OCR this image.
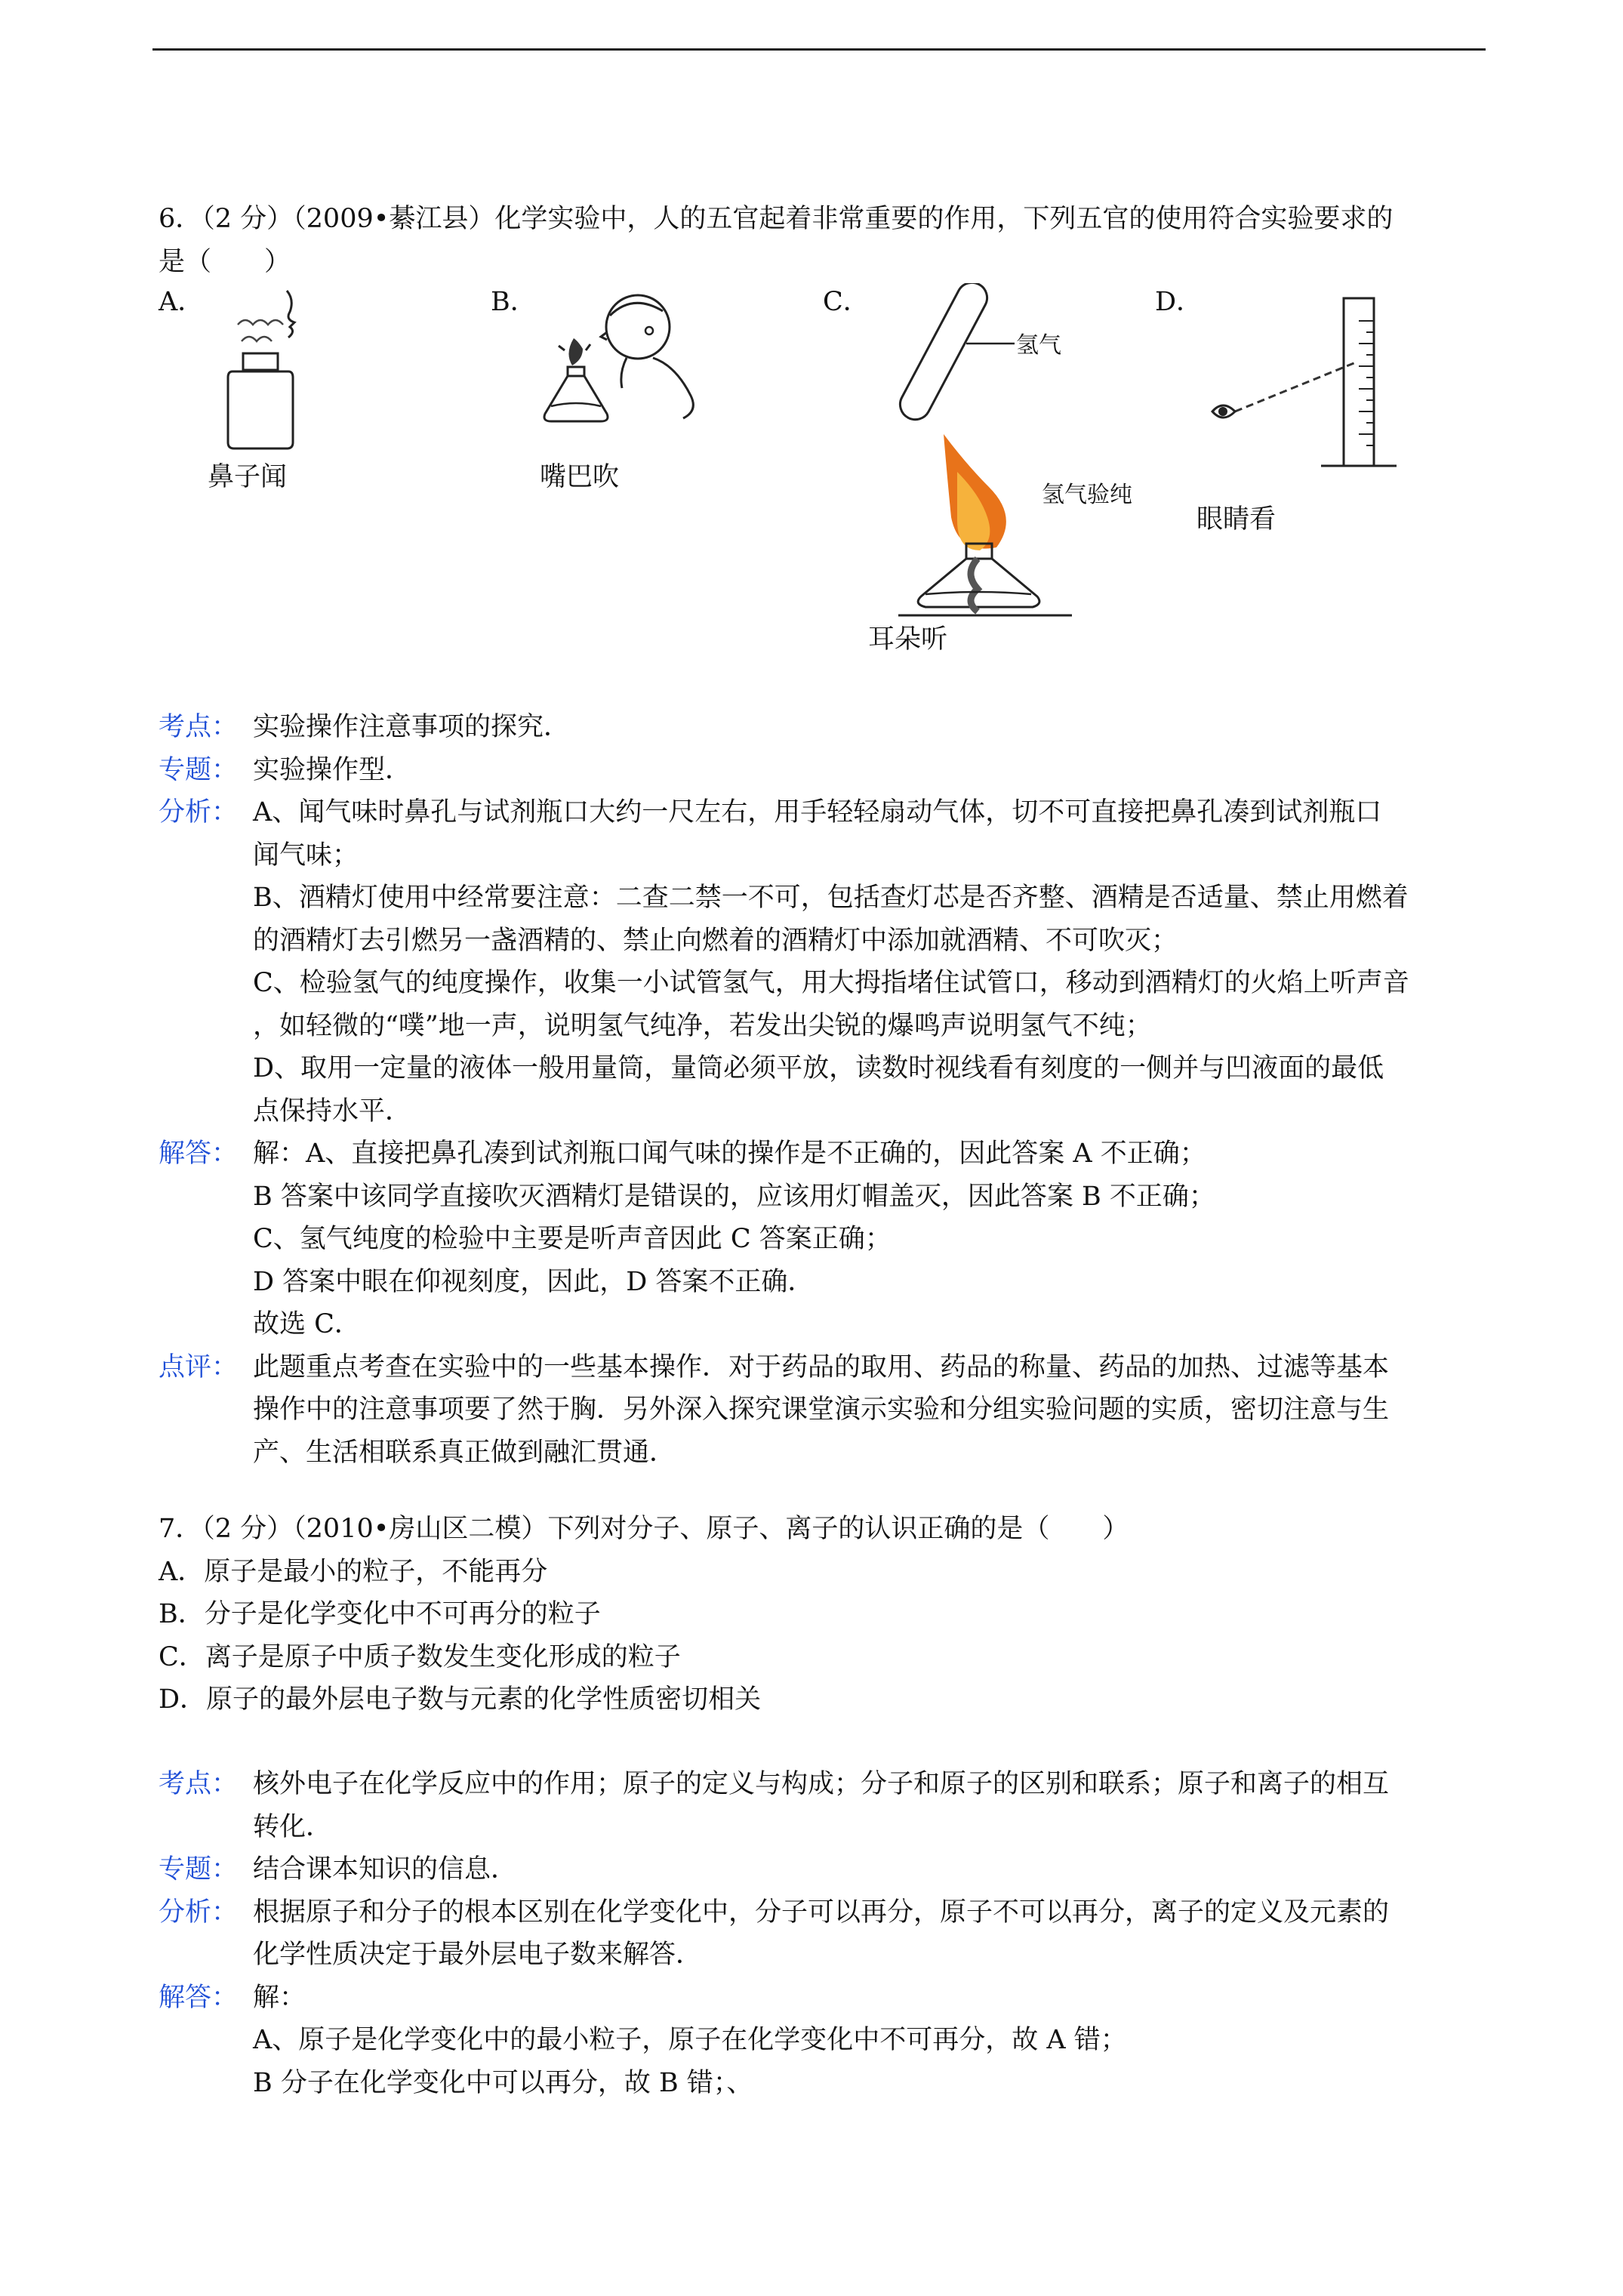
6．（2 分）（2009•綦江县）化学实验中，人的五官起着非常重要的作用，下列五官的使用符合实验要求的

是（　　）

A．
鼻子闻
B．
嘴巴吹
C．
氢气
氢气验纯
耳朵听
D．
眼睛看
考点： 实验操作注意事项的探究．

专题： 实验操作型．

分析： A、闻气味时鼻孔与试剂瓶口大约一尺左右，用手轻轻扇动气体，切不可直接把鼻孔凑到试剂瓶口

闻气味；

B、酒精灯使用中经常要注意：二查二禁一不可，包括查灯芯是否齐整、酒精是否适量、禁止用燃着

的酒精灯去引燃另一盏酒精的、禁止向燃着的酒精灯中添加就酒精、不可吹灭；

C、检验氢气的纯度操作，收集一小试管氢气，用大拇指堵住试管口，移动到酒精灯的火焰上听声音

，如轻微的“噗”地一声，说明氢气纯净，若发出尖锐的爆鸣声说明氢气不纯；

D、取用一定量的液体一般用量筒，量筒必须平放，读数时视线看有刻度的一侧并与凹液面的最低

点保持水平．

解答： 解：A、直接把鼻孔凑到试剂瓶口闻气味的操作是不正确的，因此答案 A 不正确；

B 答案中该同学直接吹灭酒精灯是错误的，应该用灯帽盖灭，因此答案 B 不正确；

C、氢气纯度的检验中主要是听声音因此 C 答案正确；

D 答案中眼在仰视刻度，因此，D 答案不正确．

故选 C．

点评： 此题重点考查在实验中的一些基本操作．对于药品的取用、药品的称量、药品的加热、过滤等基本

操作中的注意事项要了然于胸．另外深入探究课堂演示实验和分组实验问题的实质，密切注意与生

产、生活相联系真正做到融汇贯通．

7．（2 分）（2010•房山区二模）下列对分子、原子、离子的认识正确的是（　　）

A．原子是最小的粒子，不能再分
B．分子是化学变化中不可再分的粒子
C．离子是原子中质子数发生变化形成的粒子
D．原子的最外层电子数与元素的化学性质密切相关
考点： 核外电子在化学反应中的作用；原子的定义与构成；分子和原子的区别和联系；原子和离子的相互

转化．

专题： 结合课本知识的信息．

分析： 根据原子和分子的根本区别在化学变化中，分子可以再分，原子不可以再分，离子的定义及元素的

化学性质决定于最外层电子数来解答．

解答： 解：

A、原子是化学变化中的最小粒子，原子在化学变化中不可再分，故 A 错；

B 分子在化学变化中可以再分，故 B 错；、
